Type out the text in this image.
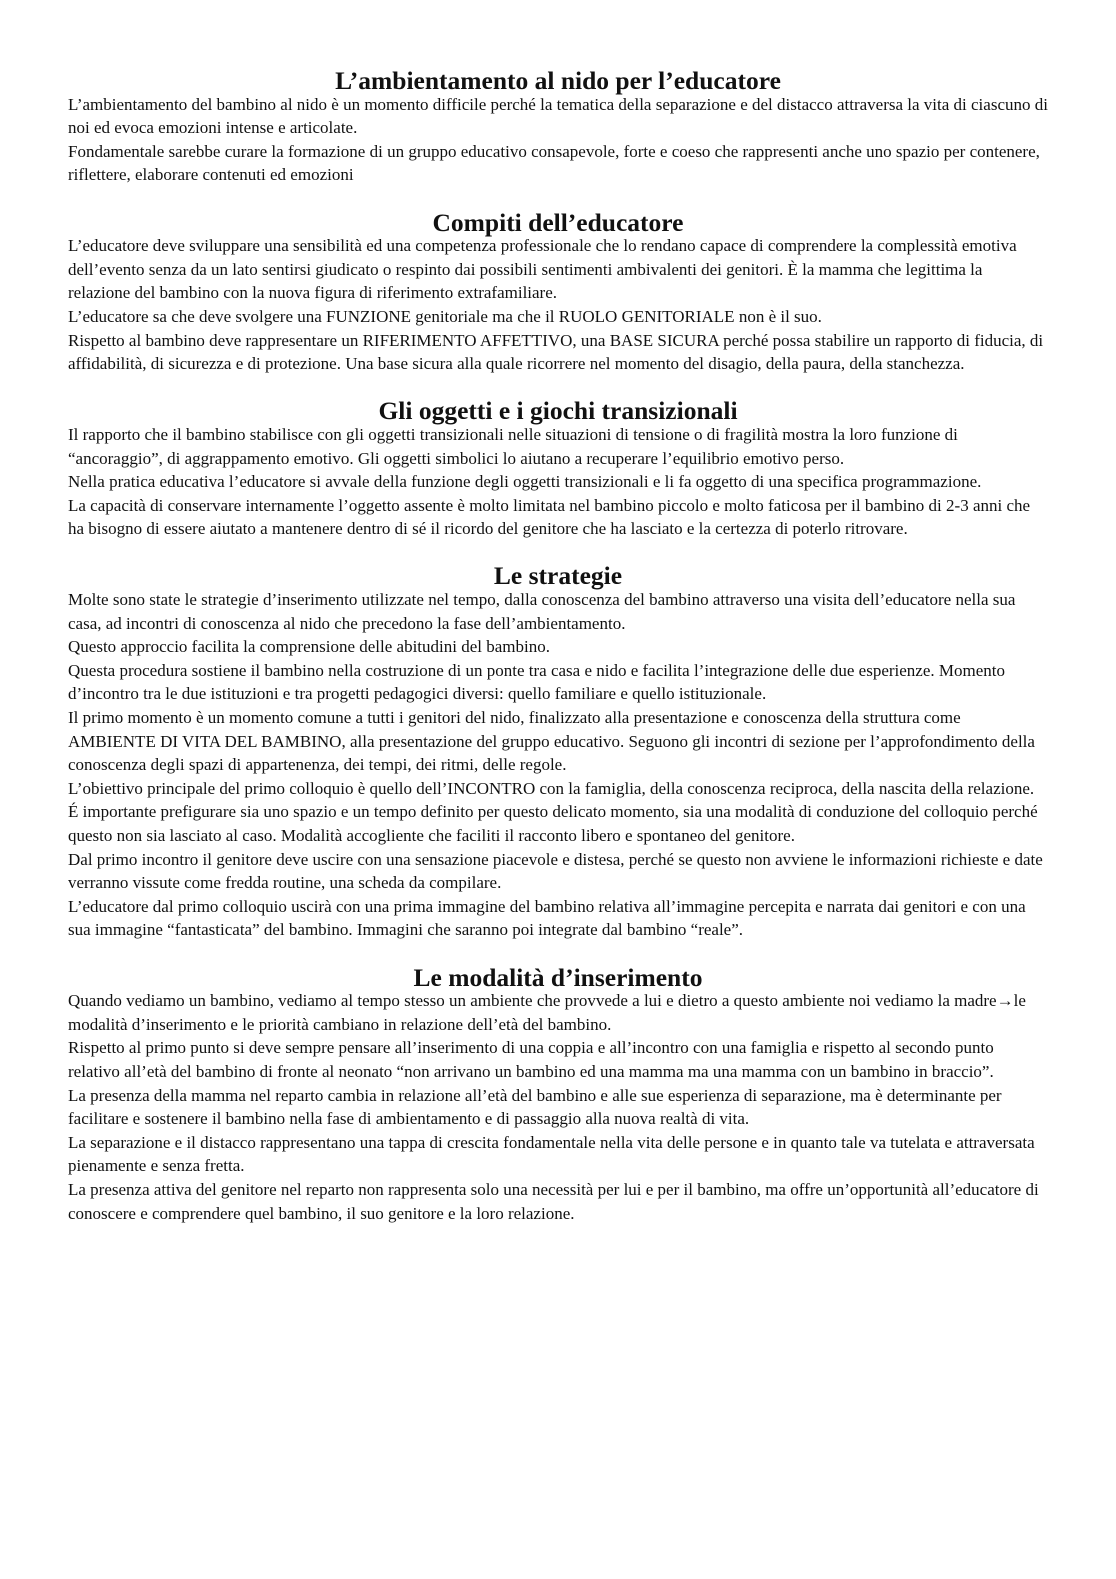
L’ambientamento al nido per l’educatore

L’ambientamento del bambino al nido è un momento difficile perché la tematica della separazione e del distacco attraversa la vita di ciascuno di noi ed evoca emozioni intense e articolate.

Fondamentale sarebbe curare la formazione di un gruppo educativo consapevole, forte e coeso che rappresenti anche uno spazio per contenere, riflettere, elaborare contenuti ed emozioni

Compiti dell’educatore

L’educatore deve sviluppare una sensibilità ed una competenza professionale che lo rendano capace di comprendere la complessità emotiva dell’evento senza da un lato sentirsi giudicato o respinto dai possibili sentimenti ambivalenti dei genitori. È la mamma che legittima la relazione del bambino con la nuova figura di riferimento extrafamiliare.

L’educatore sa che deve svolgere una FUNZIONE genitoriale ma che il RUOLO GENITORIALE non è il suo.

Rispetto al bambino deve rappresentare un RIFERIMENTO AFFETTIVO, una BASE SICURA perché possa stabilire un rapporto di fiducia, di affidabilità, di sicurezza e di protezione. Una base sicura alla quale ricorrere nel momento del disagio, della paura, della stanchezza.

Gli oggetti e i giochi transizionali

Il rapporto che il bambino stabilisce con gli oggetti transizionali nelle situazioni di tensione o di fragilità mostra la loro funzione di “ancoraggio”, di aggrappamento emotivo. Gli oggetti simbolici lo aiutano a recuperare l’equilibrio emotivo perso.

Nella pratica educativa l’educatore si avvale della funzione degli oggetti transizionali e li fa oggetto di una specifica programmazione.

La capacità di conservare internamente l’oggetto assente è molto limitata nel bambino piccolo e molto faticosa per il bambino di 2-3 anni che ha bisogno di essere aiutato a mantenere dentro di sé il ricordo del genitore che ha lasciato e la certezza di poterlo ritrovare.

Le strategie

Molte sono state le strategie d’inserimento utilizzate nel tempo, dalla conoscenza del bambino attraverso una visita dell’educatore nella sua casa, ad incontri di conoscenza al nido che precedono la fase dell’ambientamento.

Questo approccio facilita la comprensione delle abitudini del bambino.

Questa procedura sostiene il bambino nella costruzione di un ponte tra casa e nido e facilita l’integrazione delle due esperienze. Momento d’incontro tra le due istituzioni e tra progetti pedagogici diversi: quello familiare e quello istituzionale.

Il primo momento è un momento comune a tutti i genitori del nido, finalizzato alla presentazione e conoscenza della struttura come AMBIENTE DI VITA DEL BAMBINO, alla presentazione del gruppo educativo. Seguono gli incontri di sezione per l’approfondimento della conoscenza degli spazi di appartenenza, dei tempi, dei ritmi, delle regole.

L’obiettivo principale del primo colloquio è quello dell’INCONTRO con la famiglia, della conoscenza reciproca, della nascita della relazione.

É importante prefigurare sia uno spazio e un tempo definito per questo delicato momento, sia una modalità di conduzione del colloquio perché questo non sia lasciato al caso. Modalità accogliente che faciliti il racconto libero e spontaneo del genitore.

Dal primo incontro il genitore deve uscire con una sensazione piacevole e distesa, perché se questo non avviene le informazioni richieste e date verranno vissute come fredda routine, una scheda da compilare.

L’educatore dal primo colloquio uscirà con una prima immagine del bambino relativa all’immagine percepita e narrata dai genitori e con una sua immagine “fantasticata” del bambino. Immagini che saranno poi integrate dal bambino “reale”.

Le modalità d’inserimento

Quando vediamo un bambino, vediamo al tempo stesso un ambiente che provvede a lui e dietro a questo ambiente noi vediamo la madre→le modalità d’inserimento e le priorità cambiano in relazione dell’età del bambino.

Rispetto al primo punto si deve sempre pensare all’inserimento di una coppia e all’incontro con una famiglia e rispetto al secondo punto relativo all’età del bambino di fronte al neonato “non arrivano un bambino ed una mamma ma una mamma con un bambino in braccio”.

La presenza della mamma nel reparto cambia in relazione all’età del bambino e alle sue esperienza di separazione, ma è determinante per facilitare e sostenere il bambino nella fase di ambientamento e di passaggio alla nuova realtà di vita.

La separazione e il distacco rappresentano una tappa di crescita fondamentale nella vita delle persone e in quanto tale va tutelata e attraversata pienamente e senza fretta.

La presenza attiva del genitore nel reparto non rappresenta solo una necessità per lui e per il bambino, ma offre un’opportunità all’educatore di conoscere e comprendere quel bambino, il suo genitore e la loro relazione.
